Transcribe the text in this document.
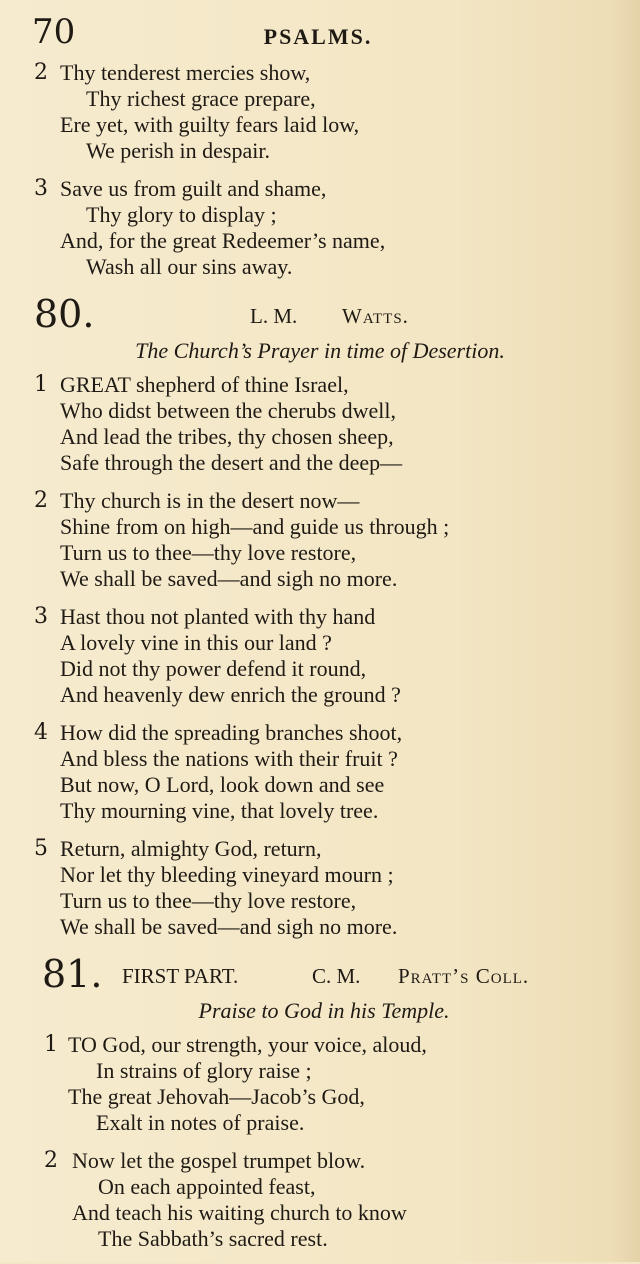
70	PSALMS.
2 Thy tenderest mercies show,
Thy richest grace prepare,
Ere yet, with guilty fears laid low,
We perish in despair.
3 Save us from guilt and shame,
Thy glory to display ;
And, for the great Redeemer’s name,
Wash all our sins away.
80.	L. M. Watts.
The Church’s Prayer in time of Desertion.
1 GREAT shepherd of thine Israel,
Who didst between the cherubs dwell,
And lead the tribes, thy chosen sheep,
Safe through the desert and the deep—
2 Thy church is in the desert now—
Shine from on high—and guide us through ;
Turn us to thee—thy love restore,
We shall be saved—and sigh no more.
3 Hast thou not planted with thy hand
A lovely vine in this our land ?
Did not thy power defend it round,
And heavenly dew enrich the ground ?
4 How did the spreading branches shoot,
And bless the nations with their fruit ?
But now, O Lord, look down and see
Thy mourning vine, that lovely tree.
5 Return, almighty God, return,
Nor let thy bleeding vineyard mourn ;
Turn us to thee—thy love restore,
We shall be saved—and sigh no more.
81. FIRST PART.	C. M. Pratt’s Coll.
Praise to God in his Temple.
1 TO God, our strength, your voice, aloud,
In strains of glory raise ;
The great Jehovah—Jacob’s God,
Exalt in notes of praise.
2 Now let the gospel trumpet blow.
On each appointed feast,
And teach his waiting church to know
The Sabbath’s sacred rest.
